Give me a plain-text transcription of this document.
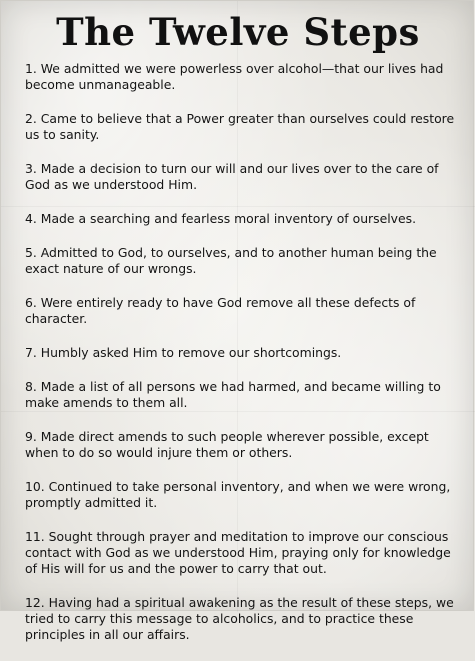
The Twelve Steps
1. We admitted we were powerless over alcohol—that our lives had become unmanageable.
2. Came to believe that a Power greater than ourselves could restore us to sanity.
3. Made a decision to turn our will and our lives over to the care of God as we understood Him.
4. Made a searching and fearless moral inventory of ourselves.
5. Admitted to God, to ourselves, and to another human being the exact nature of our wrongs.
6. Were entirely ready to have God remove all these defects of character.
7. Humbly asked Him to remove our shortcomings.
8. Made a list of all persons we had harmed, and became willing to make amends to them all.
9. Made direct amends to such people wherever possible, except when to do so would injure them or others.
10. Continued to take personal inventory, and when we were wrong, promptly admitted it.
11. Sought through prayer and meditation to improve our conscious contact with God as we understood Him, praying only for knowledge of His will for us and the power to carry that out.
12. Having had a spiritual awakening as the result of these steps, we tried to carry this message to alcoholics, and to practice these principles in all our affairs.
